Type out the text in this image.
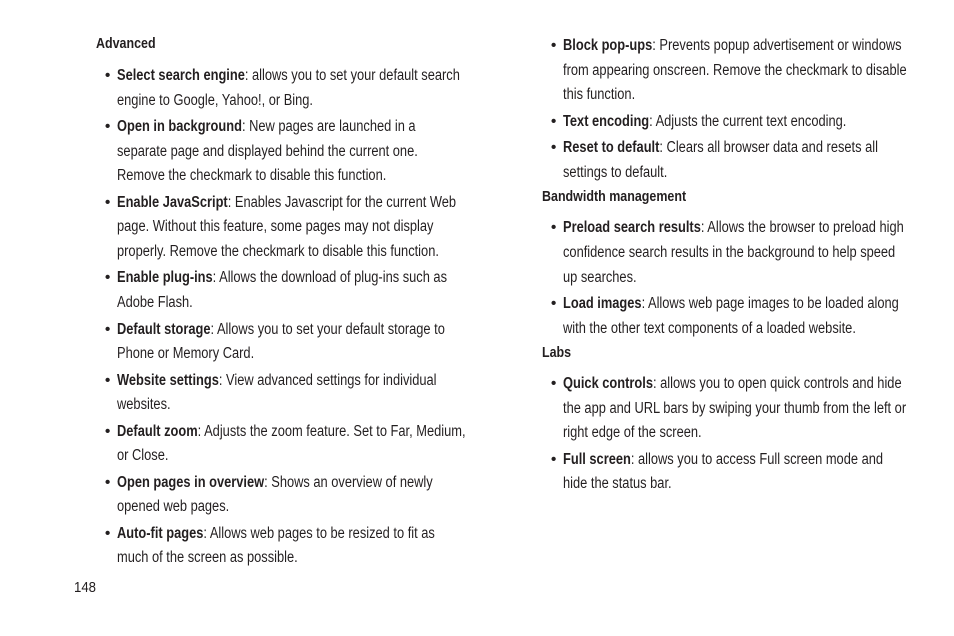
Advanced
• Select search engine: allows you to set your default search engine to Google, Yahoo!, or Bing.
• Open in background: New pages are launched in a separate page and displayed behind the current one. Remove the checkmark to disable this function.
• Enable JavaScript: Enables Javascript for the current Web page. Without this feature, some pages may not display properly. Remove the checkmark to disable this function.
• Enable plug-ins: Allows the download of plug-ins such as Adobe Flash.
• Default storage: Allows you to set your default storage to Phone or Memory Card.
• Website settings: View advanced settings for individual websites.
• Default zoom: Adjusts the zoom feature. Set to Far, Medium, or Close.
• Open pages in overview: Shows an overview of newly opened web pages.
• Auto-fit pages: Allows web pages to be resized to fit as much of the screen as possible.
• Block pop-ups: Prevents popup advertisement or windows from appearing onscreen. Remove the checkmark to disable this function.
• Text encoding: Adjusts the current text encoding.
• Reset to default: Clears all browser data and resets all settings to default.
Bandwidth management
• Preload search results: Allows the browser to preload high confidence search results in the background to help speed up searches.
• Load images: Allows web page images to be loaded along with the other text components of a loaded website.
Labs
• Quick controls: allows you to open quick controls and hide the app and URL bars by swiping your thumb from the left or right edge of the screen.
• Full screen: allows you to access Full screen mode and hide the status bar.
148
